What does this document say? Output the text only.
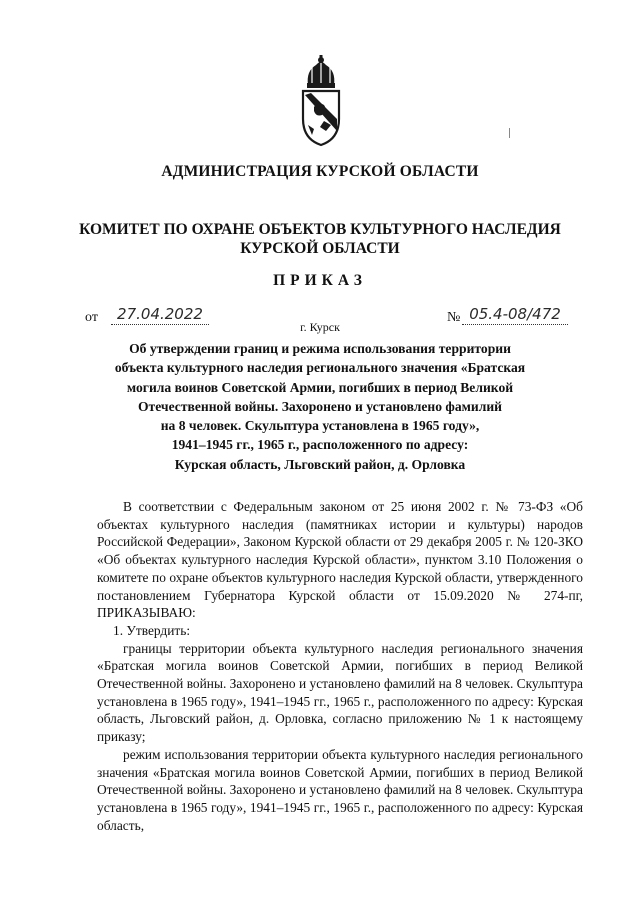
АДМИНИСТРАЦИЯ КУРСКОЙ ОБЛАСТИ
КОМИТЕТ ПО ОХРАНЕ ОБЪЕКТОВ КУЛЬТУРНОГО НАСЛЕДИЯ
КУРСКОЙ ОБЛАСТИ
ПРИКАЗ
от	27.04.2022	№ 05.4-08/472
г. Курск
Об утверждении границ и режима использования территории
объекта культурного наследия регионального значения «Братская
могила воинов Советской Армии, погибших в период Великой
Отечественной войны. Захоронено и установлено фамилий
на 8 человек. Скульптура установлена в 1965 году»,
1941–1945 гг., 1965 г., расположенного по адресу:
Курская область, Льговский район, д. Орловка

В соответствии с Федеральным законом от 25 июня 2002 г. № 73-ФЗ «Об объектах культурного наследия (памятниках истории и культуры) народов Российской Федерации», Законом Курской области от 29 декабря 2005 г. № 120-ЗКО «Об объектах культурного наследия Курской области», пунктом 3.10 Положения о комитете по охране объектов культурного наследия Курской области, утвержденного постановлением Губернатора Курской области от 15.09.2020 № 274-пг, ПРИКАЗЫВАЮ:

1. Утвердить:

границы территории объекта культурного наследия регионального значения «Братская могила воинов Советской Армии, погибших в период Великой Отечественной войны. Захоронено и установлено фамилий на 8 человек. Скульптура установлена в 1965 году», 1941–1945 гг., 1965 г., расположенного по адресу: Курская область, Льговский район, д. Орловка, согласно приложению № 1 к настоящему приказу;

режим использования территории объекта культурного наследия регионального значения «Братская могила воинов Советской Армии, погибших в период Великой Отечественной войны. Захоронено и установлено фамилий на 8 человек. Скульптура установлена в 1965 году», 1941–1945 гг., 1965 г., расположенного по адресу: Курская область,
